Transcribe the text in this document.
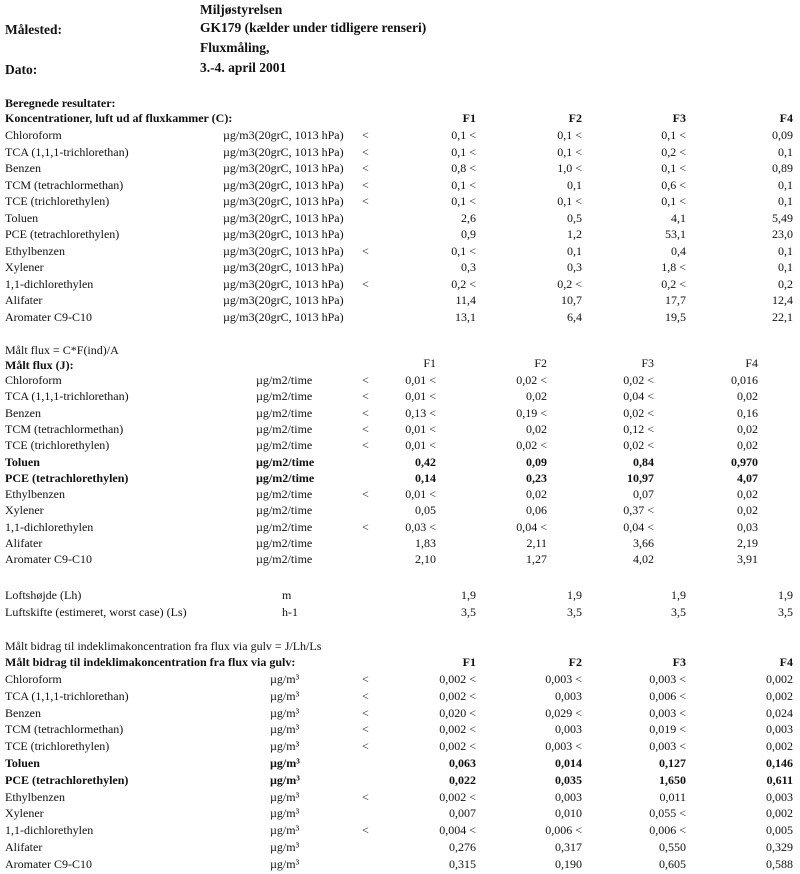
Miljøstyrelsen
Målested:	GK179 (kælder under tidligere renseri)
Fluxmåling,
Dato:	3.-4. april 2001
Beregnede resultater:
Koncentrationer, luft ud af fluxkammer (C):	F1	F2	F3	F4
Chloroform	µg/m3(20grC, 1013 hPa) <	0,1 <	0,1 <	0,1 <	0,09
TCA (1,1,1-trichlorethan)	µg/m3(20grC, 1013 hPa) <	0,1 <	0,1 <	0,2 <	0,1
Benzen	µg/m3(20grC, 1013 hPa) <	0,8 <	1,0 <	0,1 <	0,89
TCM (tetrachlormethan)	µg/m3(20grC, 1013 hPa) <	0,1 <	0,1	0,6 <	0,1
TCE (trichlorethylen)	µg/m3(20grC, 1013 hPa) <	0,1 <	0,1 <	0,1 <	0,1
Toluen	µg/m3(20grC, 1013 hPa)	2,6	0,5	4,1	5,49
PCE (tetrachlorethylen)	µg/m3(20grC, 1013 hPa)	0,9	1,2	53,1	23,0
Ethylbenzen	µg/m3(20grC, 1013 hPa) <	0,1 <	0,1	0,4	0,1
Xylener	µg/m3(20grC, 1013 hPa)	0,3	0,3	1,8 <	0,1
1,1-dichlorethylen	µg/m3(20grC, 1013 hPa) <	0,2 <	0,2 <	0,2 <	0,2
Alifater	µg/m3(20grC, 1013 hPa)	11,4	10,7	17,7	12,4
Aromater C9-C10	µg/m3(20grC, 1013 hPa)	13,1	6,4	19,5	22,1
Målt flux = C*F(ind)/A
Målt flux (J):	F1	F2	F3	F4
Chloroform	µg/m2/time	<	0,01 <	0,02 <	0,02 <	0,016
TCA (1,1,1-trichlorethan)	µg/m2/time	<	0,01 <	0,02	0,04 <	0,02
Benzen	µg/m2/time	<	0,13 <	0,19 <	0,02 <	0,16
TCM (tetrachlormethan)	µg/m2/time	<	0,01 <	0,02	0,12 <	0,02
TCE (trichlorethylen)	µg/m2/time	<	0,01 <	0,02 <	0,02 <	0,02
Toluen	µg/m2/time	0,42	0,09	0,84	0,970
PCE (tetrachlorethylen)	µg/m2/time	0,14	0,23	10,97	4,07
Ethylbenzen	µg/m2/time	<	0,01 <	0,02	0,07	0,02
Xylener	µg/m2/time	0,05	0,06	0,37 <	0,02
1,1-dichlorethylen	µg/m2/time	<	0,03 <	0,04 <	0,04 <	0,03
Alifater	µg/m2/time	1,83	2,11	3,66	2,19
Aromater C9-C10	µg/m2/time	2,10	1,27	4,02	3,91
Loftshøjde (Lh)	m	1,9	1,9	1,9	1,9
Luftskifte (estimeret, worst case) (Ls)	h-1	3,5	3,5	3,5	3,5
Målt bidrag til indeklimakoncentration fra flux via gulv = J/Lh/Ls
Målt bidrag til indeklimakoncentration fra flux via gulv:	F1	F2	F3	F4
Chloroform	µg/m³	<	0,002 <	0,003 <	0,003 <	0,002
TCA (1,1,1-trichlorethan)	µg/m³	<	0,002 <	0,003	0,006 <	0,002
Benzen	µg/m³	<	0,020 <	0,029 <	0,003 <	0,024
TCM (tetrachlormethan)	µg/m³	<	0,002 <	0,003	0,019 <	0,003
TCE (trichlorethylen)	µg/m³	<	0,002 <	0,003 <	0,003 <	0,002
Toluen	µg/m³	0,063	0,014	0,127	0,146
PCE (tetrachlorethylen)	µg/m³	0,022	0,035	1,650	0,611
Ethylbenzen	µg/m³	<	0,002 <	0,003	0,011	0,003
Xylener	µg/m³	0,007	0,010	0,055 <	0,002
1,1-dichlorethylen	µg/m³	<	0,004 <	0,006 <	0,006 <	0,005
Alifater	µg/m³	0,276	0,317	0,550	0,329
Aromater C9-C10	µg/m³	0,315	0,190	0,605	0,588
